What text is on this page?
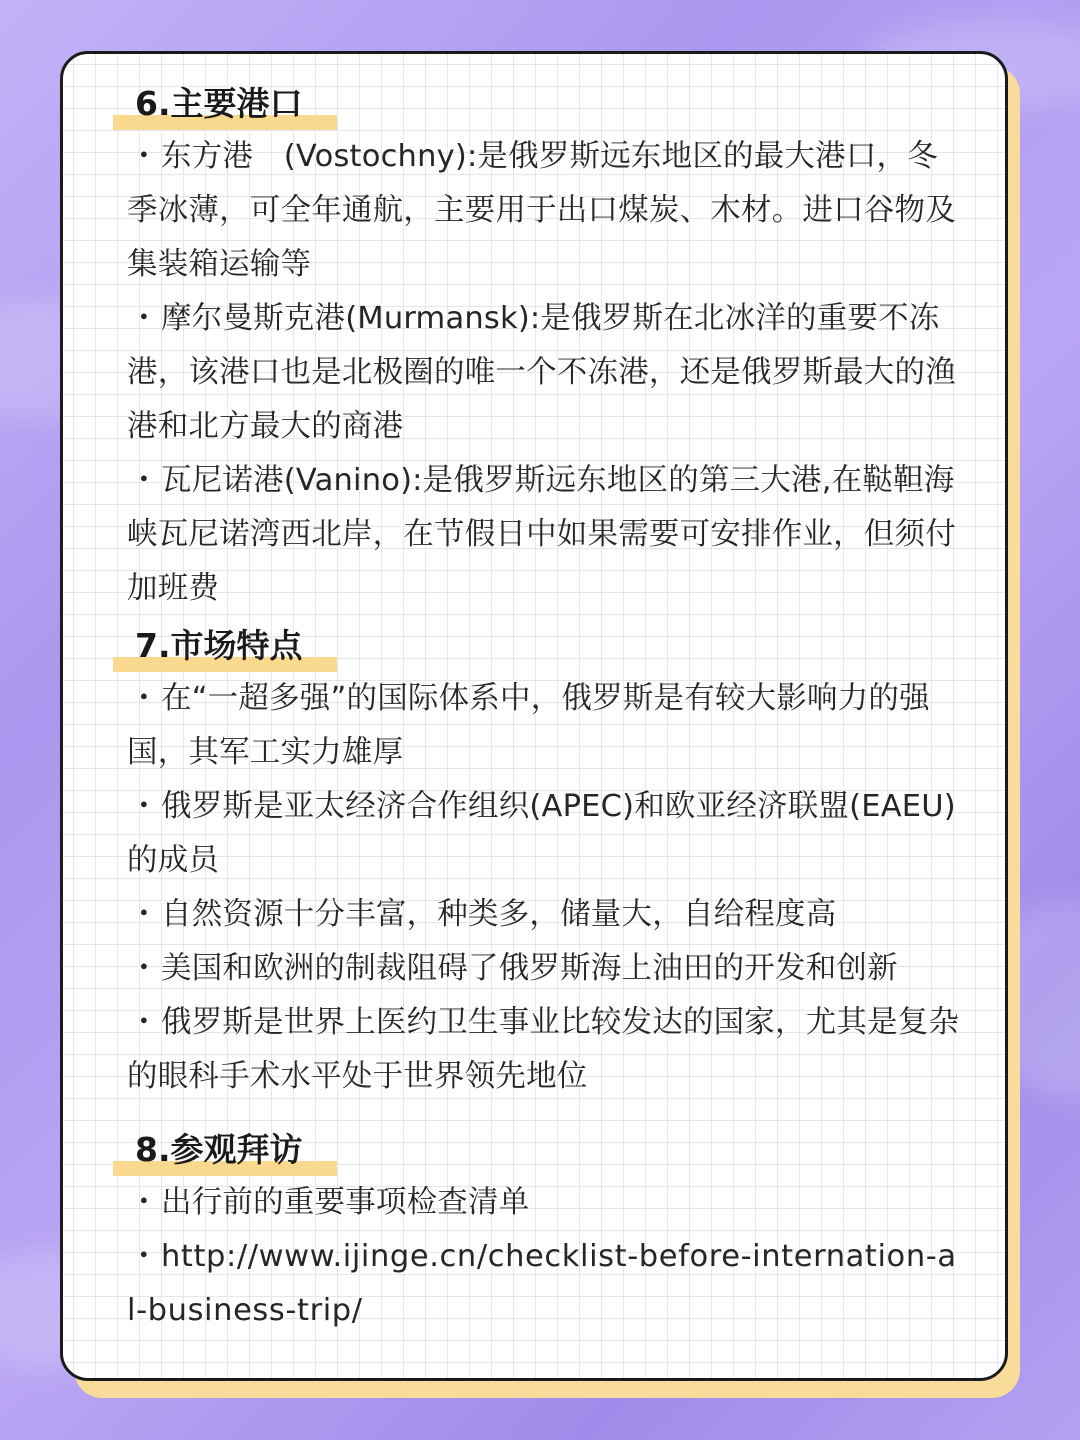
6.主要港口

・东方港　(Vostochny):是俄罗斯远东地区的最大港口，冬季冰薄，可全年通航，主要用于出口煤炭、木材。进口谷物及集装箱运输等

・摩尔曼斯克港(Murmansk):是俄罗斯在北冰洋的重要不冻港，该港口也是北极圈的唯一个不冻港，还是俄罗斯最大的渔港和北方最大的商港

・瓦尼诺港(Vanino):是俄罗斯远东地区的第三大港,在鞑靼海峡瓦尼诺湾西北岸，在节假日中如果需要可安排作业，但须付加班费

7.市场特点

・在“一超多强”的国际体系中，俄罗斯是有较大影响力的强国，其军工实力雄厚

・俄罗斯是亚太经济合作组织(APEC)和欧亚经济联盟(EAEU)的成员

・自然资源十分丰富，种类多，储量大，自给程度高

・美国和欧洲的制裁阻碍了俄罗斯海上油田的开发和创新

・俄罗斯是世界上医约卫生事业比较发达的国家，尤其是复杂的眼科手术水平处于世界领先地位

8.参观拜访

・出行前的重要事项检查清单

・http://www.ijinge.cn/checklist-before-internation-al-business-trip/
